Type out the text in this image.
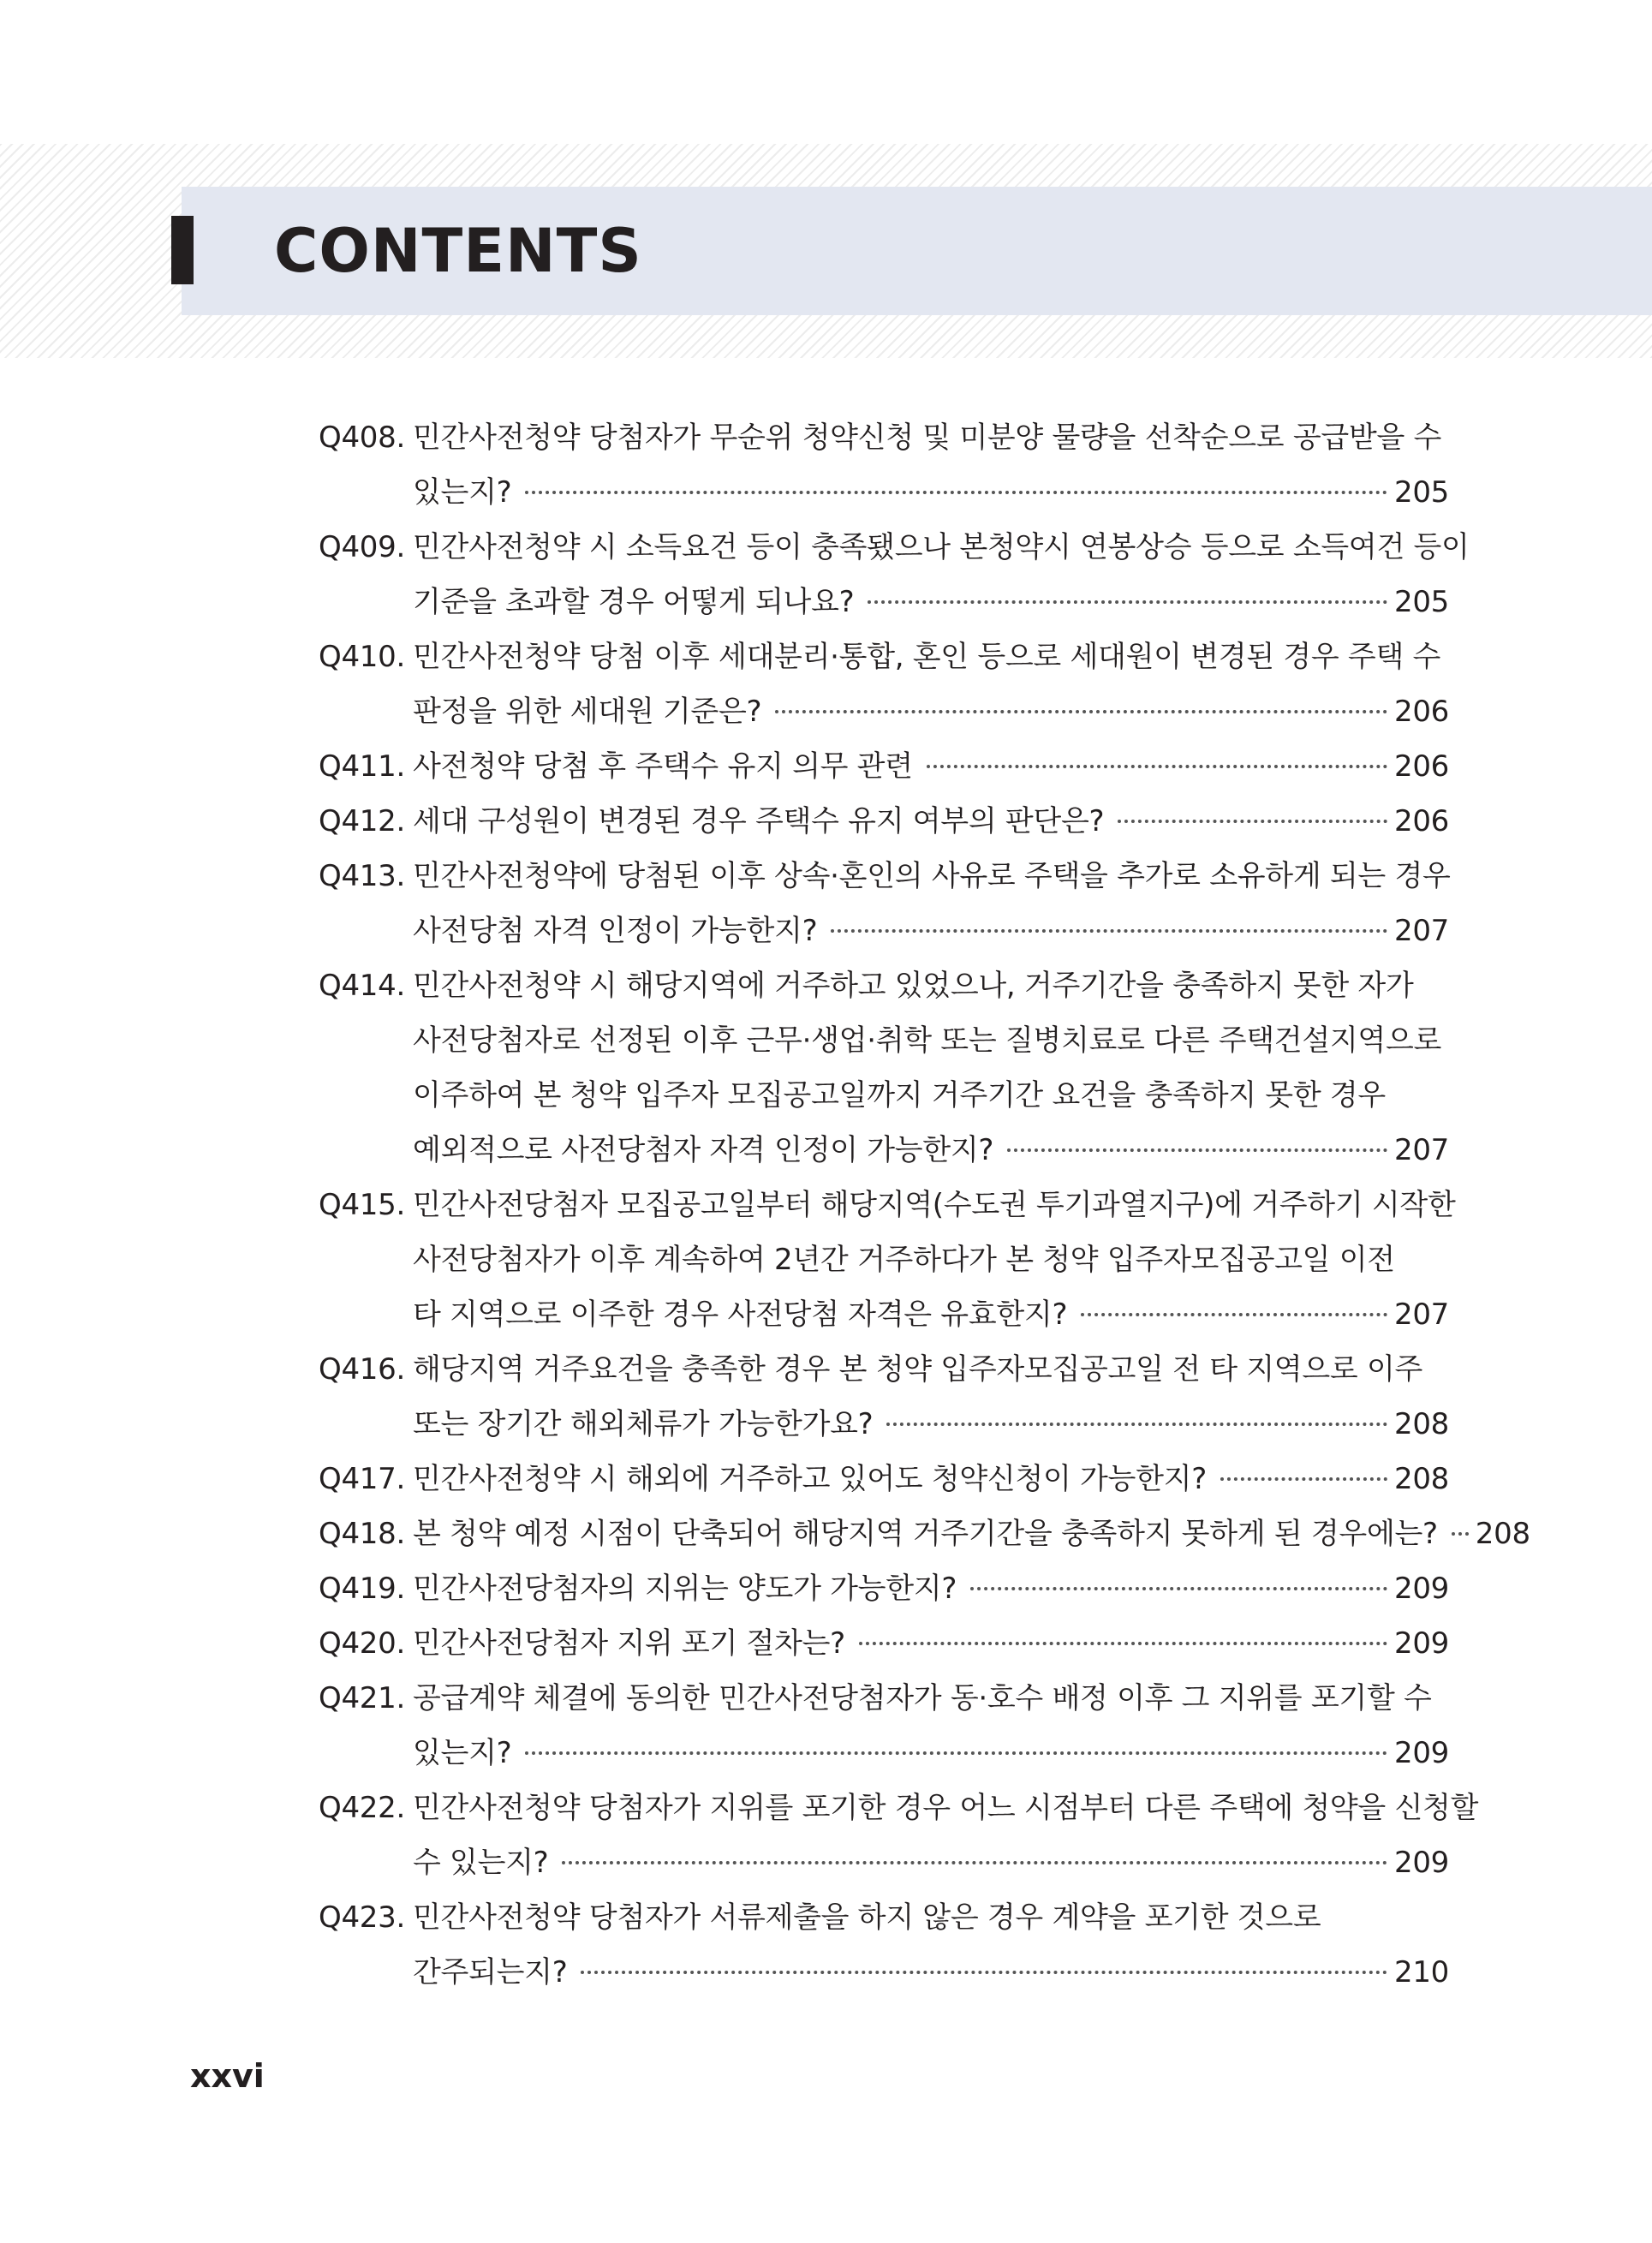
CONTENTS
Q408. 민간사전청약 당첨자가 무순위 청약신청 및 미분양 물량을 선착순으로 공급받을 수
있는지?	205
Q409. 민간사전청약 시 소득요건 등이 충족됐으나 본청약시 연봉상승 등으로 소득여건 등이
기준을 초과할 경우 어떻게 되나요?	205
Q410. 민간사전청약 당첨 이후 세대분리·통합, 혼인 등으로 세대원이 변경된 경우 주택 수
판정을 위한 세대원 기준은?	206
Q411. 사전청약 당첨 후 주택수 유지 의무 관련	206
Q412. 세대 구성원이 변경된 경우 주택수 유지 여부의 판단은?	206
Q413. 민간사전청약에 당첨된 이후 상속·혼인의 사유로 주택을 추가로 소유하게 되는 경우
사전당첨 자격 인정이 가능한지?	207
Q414. 민간사전청약 시 해당지역에 거주하고 있었으나, 거주기간을 충족하지 못한 자가
사전당첨자로 선정된 이후 근무·생업·취학 또는 질병치료로 다른 주택건설지역으로
이주하여 본 청약 입주자 모집공고일까지 거주기간 요건을 충족하지 못한 경우
예외적으로 사전당첨자 자격 인정이 가능한지?	207
Q415. 민간사전당첨자 모집공고일부터 해당지역(수도권 투기과열지구)에 거주하기 시작한
사전당첨자가 이후 계속하여 2년간 거주하다가 본 청약 입주자모집공고일 이전
타 지역으로 이주한 경우 사전당첨 자격은 유효한지?	207
Q416. 해당지역 거주요건을 충족한 경우 본 청약 입주자모집공고일 전 타 지역으로 이주
또는 장기간 해외체류가 가능한가요?	208
Q417. 민간사전청약 시 해외에 거주하고 있어도 청약신청이 가능한지?	208
Q418. 본 청약 예정 시점이 단축되어 해당지역 거주기간을 충족하지 못하게 된 경우에는? 208
Q419. 민간사전당첨자의 지위는 양도가 가능한지?	209
Q420. 민간사전당첨자 지위 포기 절차는?	209
Q421. 공급계약 체결에 동의한 민간사전당첨자가 동·호수 배정 이후 그 지위를 포기할 수
있는지?	209
Q422. 민간사전청약 당첨자가 지위를 포기한 경우 어느 시점부터 다른 주택에 청약을 신청할
수 있는지?	209
Q423. 민간사전청약 당첨자가 서류제출을 하지 않은 경우 계약을 포기한 것으로
간주되는지?	210

xxvi
